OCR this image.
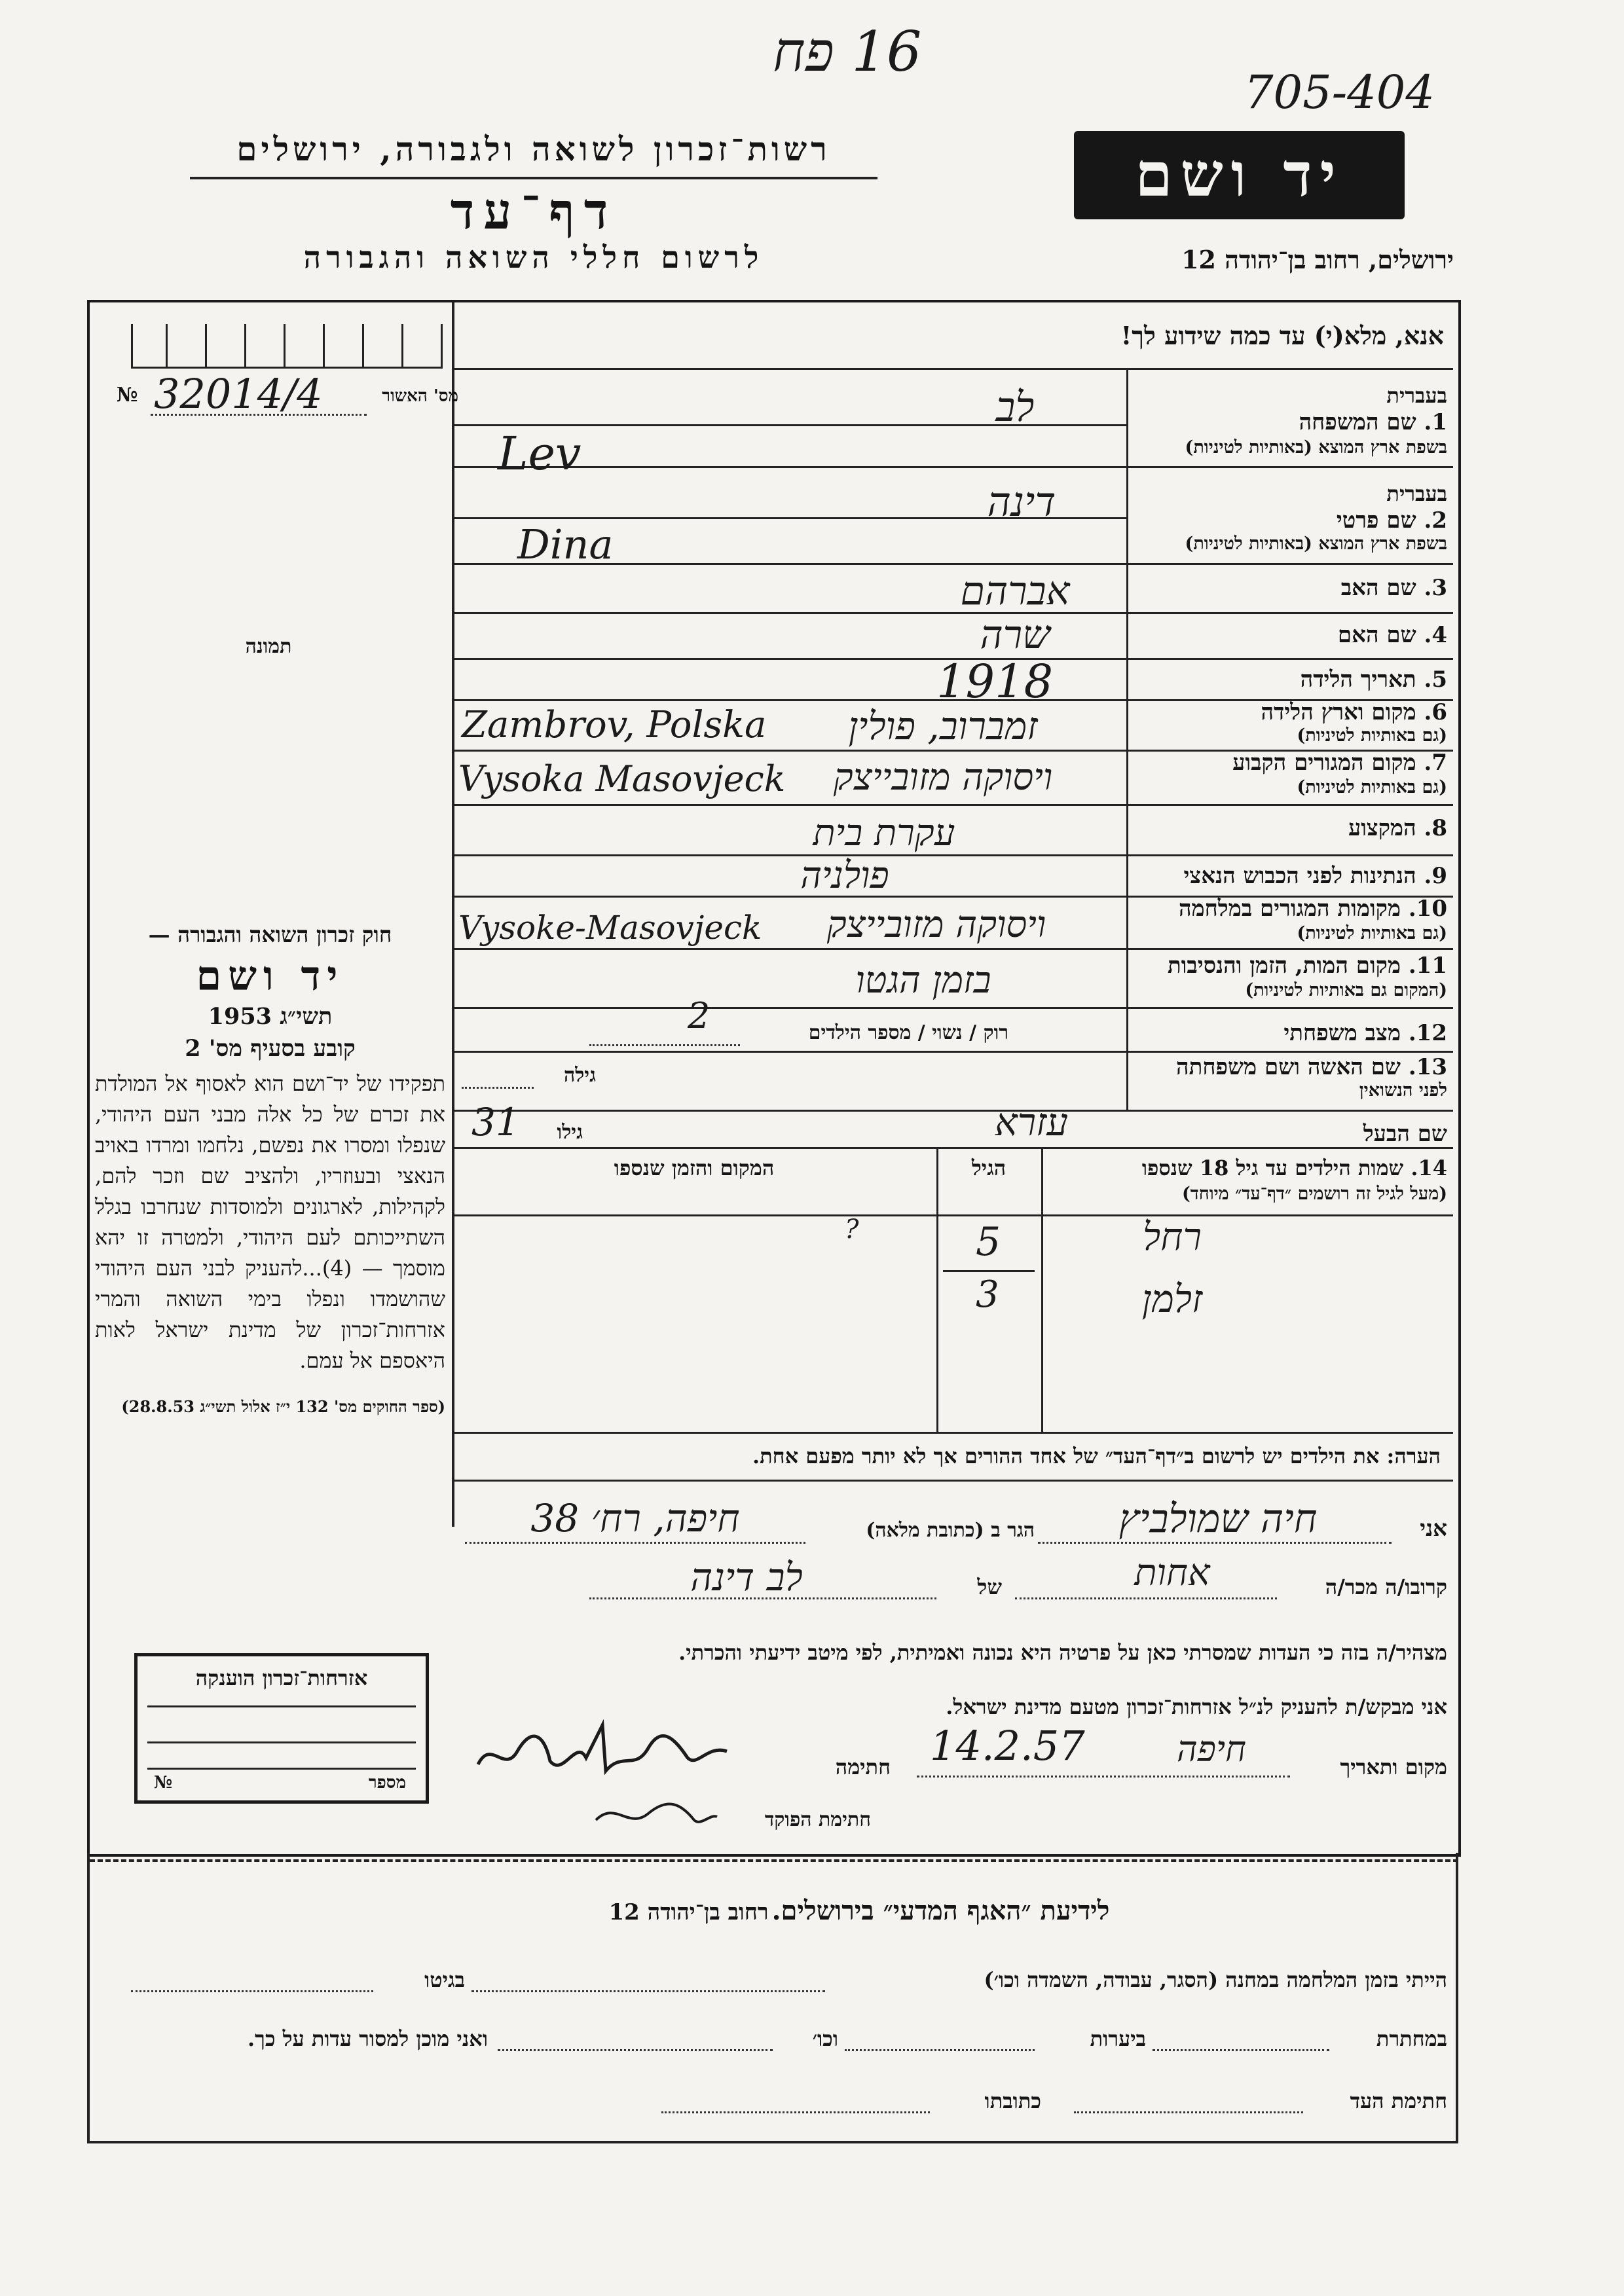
16 פח
705-404
רשות־זכרון לשואה ולגבורה, ירושלים
דף־עד
לרשום חללי השואה והגבורה
יד ושם
ירושלים, רחוב בן־יהודה 12
מס' האשור
№ 32014/4
תמונה
חוק זכרון השואה והגבורה —
יד ושם
תשי״ג 1953
קובע בסעיף מס' 2
תפקידו של יד־ושם הוא לאסוף אל המולדת את זכרם של כל אלה מבני העם היהודי, שנפלו ומסרו את נפשם, נלחמו ומרדו באויב הנאצי ובעוזריו, ולהציב שם וזכר להם, לקהילות, לארגונים ולמוסדות שנחרבו בגלל השתייכותם לעם היהודי, ולמטרה זו יהא מוסמך — (4)...להעניק לבני העם היהודי שהושמדו ונפלו בימי השואה והמרי אזרחות־זכרון של מדינת ישראל לאות היאספם אל עמם.
(ספר החוקים מס' 132 י״ז אלול תשי״ג 28.8.53)
אנא, מלא(י) עד כמה שידוע לך!
בעברית
1. שם המשפחה
בשפת ארץ המוצא (באותיות לטיניות)
לב
Lev
בעברית
2. שם פרטי
בשפת ארץ המוצא (באותיות לטיניות)
דינה
Dina
3. שם האב
אברהם
4. שם האם
שרה
5. תאריך הלידה
1918
6. מקום וארץ הלידה
(גם באותיות לטיניות)
זמברוב, פולין
Zambrov, Polska
7. מקום המגורים הקבוע
(גם באותיות לטיניות)
ויסוקה מזובייצק
Vysoka Masovjeck
8. המקצוע
עקרת בית
9. הנתינות לפני הכבוש הנאצי
פולניה
10. מקומות המגורים במלחמה
(גם באותיות לטיניות)
ויסוקה מזובייצק
Vysoke-Masovjeck
11. מקום המות, הזמן והנסיבות
(המקום גם באותיות לטיניות)
בזמן הגטו
12. מצב משפחתי
רוק / נשוי / מספר הילדים
2
13. שם האשה ושם משפחתה
לפני הנשואין
גילה
שם הבעל
עזרא
גילו
31
14. שמות הילדים עד גיל 18 שנספו
(מעל לגיל זה רושמים ״דף־עד״ מיוחד)
הגיל
המקום והזמן שנספו
רחל
5
?
זלמן
3
הערה: את הילדים יש לרשום ב״דף־העד״ של אחד ההורים אך לא יותר מפעם אחת.
אני
חיה שמולביץ
הגר ב (כתובת מלאה)
חיפה, רח׳ 38
קרובו/ה מכר/ה
אחות
של
לב דינה
מצהיר/ה בזה כי העדות שמסרתי כאן על פרטיה היא נכונה ואמיתית, לפי מיטב ידיעתי והכרתי.
אני מבקש/ת להעניק לנ״ל אזרחות־זכרון מטעם מדינת ישראל.
מקום ותאריך
חיפה
14.2.57
חתימה
חתימת הפוקד
אזרחות־זכרון הוענקה
№	מספר
לידיעת ״האגף המדעי״ בירושלים. רחוב בן־יהודה 12
הייתי בזמן המלחמה במחנה (הסגר, עבודה, השמדה וכו׳)
בגיטו
במחתרת
ביערות
וכו׳
ואני מוכן למסור עדות על כך.
חתימת העד
כתובתו
